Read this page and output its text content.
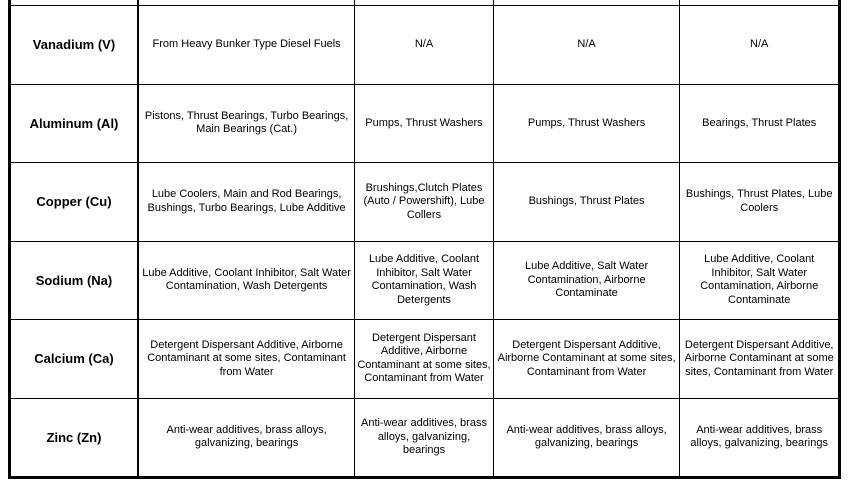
Vanadium (V)	From Heavy Bunker Type Diesel Fuels	N/A	N/A	N/A
Aluminum (Al)	Pistons, Thrust Bearings, Turbo Bearings, Main Bearings (Cat.)	Pumps, Thrust Washers	Pumps, Thrust Washers	Bearings, Thrust Plates
Copper (Cu)	Lube Coolers, Main and Rod Bearings, Bushings, Turbo Bearings, Lube Additive	Brushings,Clutch Plates (Auto / Powershift), Lube Collers	Bushings, Thrust Plates	Bushings, Thrust Plates, Lube Coolers
Sodium (Na)	Lube Additive, Coolant Inhibitor, Salt Water Contamination, Wash Detergents	Lube Additive, Coolant Inhibitor, Salt Water Contamination, Wash Detergents	Lube Additive, Salt Water Contamination, Airborne Contaminate	Lube Additive, Coolant Inhibitor, Salt Water Contamination, Airborne Contaminate
Calcium (Ca)	Detergent Dispersant Additive, Airborne Contaminant at some sites, Contaminant from Water	Detergent Dispersant Additive, Airborne Contaminant at some sites, Contaminant from Water	Detergent Dispersant Additive, Airborne Contaminant at some sites, Contaminant from Water	Detergent Dispersant Additive, Airborne Contaminant at some sites, Contaminant from Water
Zinc (Zn)	Anti-wear additives, brass alloys, galvanizing, bearings	Anti-wear additives, brass alloys, galvanizing, bearings	Anti-wear additives, brass alloys, galvanizing, bearings	Anti-wear additives, brass alloys, galvanizing, bearings
